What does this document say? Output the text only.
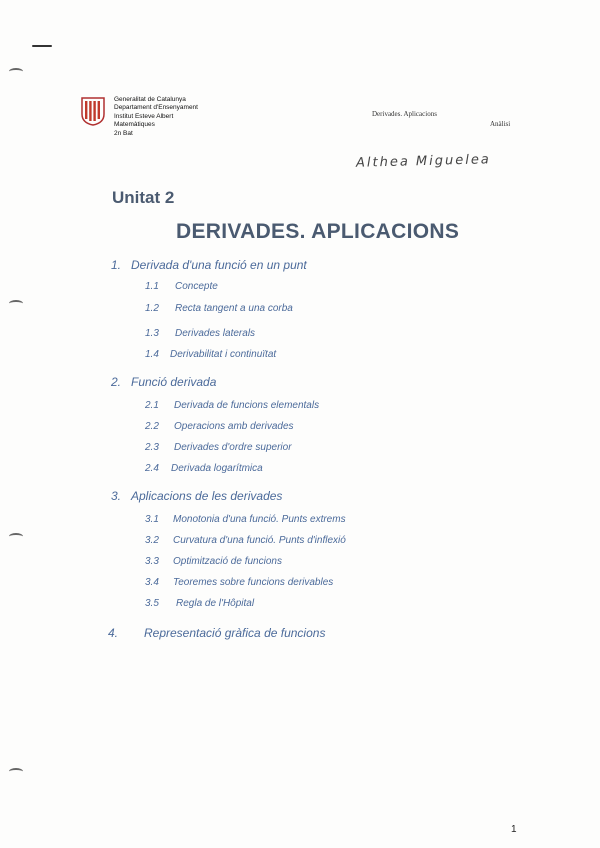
Generalitat de Catalunya
Departament d'Ensenyament
Institut Esteve Albert
Matemàtiques
2n Bat
Derivades. Aplicacions
Anàlisi
Althea Miguelea
Unitat 2
DERIVADES. APLICACIONS
1. Derivada d'una funció en un punt
1.1 Concepte
1.2 Recta tangent a una corba
1.3 Derivades laterals
1.4 Derivabilitat i continuïtat
2. Funció derivada
2.1 Derivada de funcions elementals
2.2 Operacions amb derivades
2.3 Derivades d'ordre superior
2.4 Derivada logarítmica
3. Aplicacions de les derivades
3.1 Monotonia d'una funció. Punts extrems
3.2 Curvatura d'una funció. Punts d'inflexió
3.3 Optimització de funcions
3.4 Teoremes sobre funcions derivables
3.5 Regla de l'Hôpital
4. Representació gràfica de funcions
1
